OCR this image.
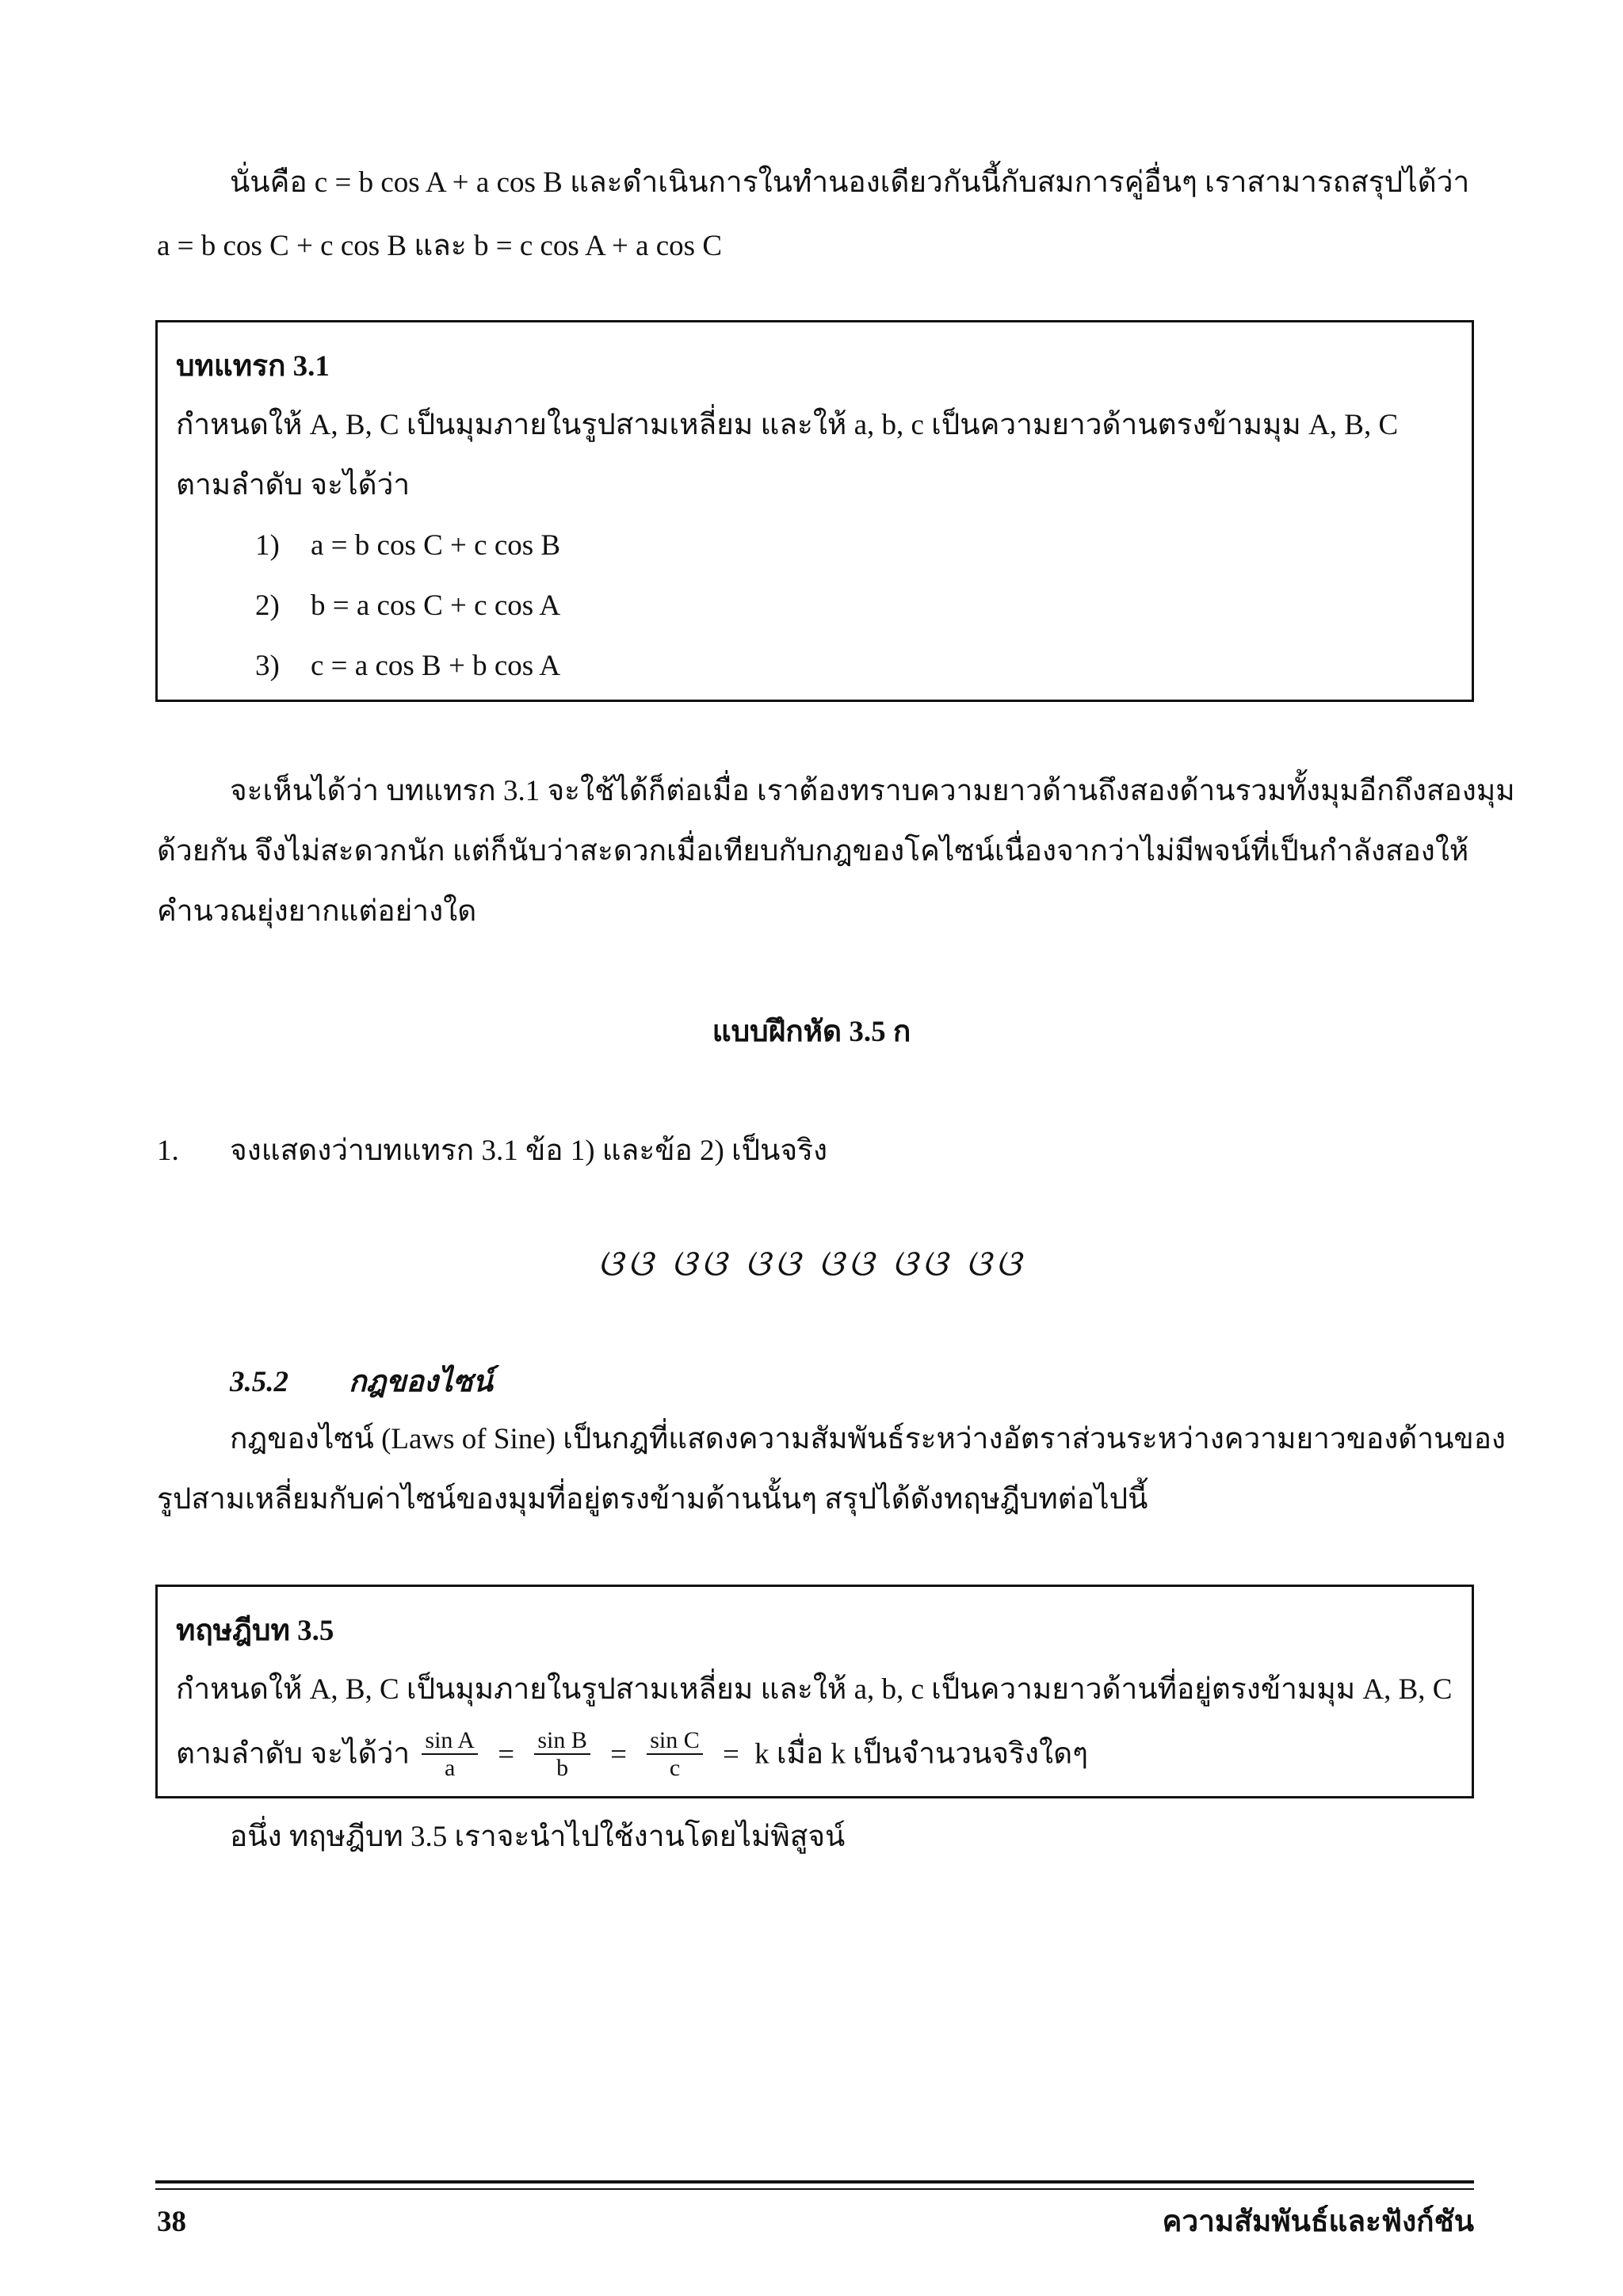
นั่นคือ c = b cos A + a cos B และดำเนินการในทำนองเดียวกันนี้กับสมการคู่อื่นๆ เราสามารถสรุปได้ว่า
a = b cos C + c cos B และ b = c cos A + a cos C
บทแทรก 3.1
กำหนดให้ A, B, C เป็นมุมภายในรูปสามเหลี่ยม และให้ a, b, c เป็นความยาวด้านตรงข้ามมุม A, B, C
ตามลำดับ จะได้ว่า
1) a = b cos C + c cos B
2) b = a cos C + c cos A
3) c = a cos B + b cos A
จะเห็นได้ว่า บทแทรก 3.1 จะใช้ได้ก็ต่อเมื่อ เราต้องทราบความยาวด้านถึงสองด้านรวมทั้งมุมอีกถึงสองมุม
ด้วยกัน จึงไม่สะดวกนัก แต่ก็นับว่าสะดวกเมื่อเทียบกับกฎของโคไซน์เนื่องจากว่าไม่มีพจน์ที่เป็นกำลังสองให้
คำนวณยุ่งยากแต่อย่างใด
แบบฝึกหัด 3.5 ก
1. จงแสดงว่าบทแทรก 3.1 ข้อ 1) และข้อ 2) เป็นจริง
ଓଓ ଓଓ ଓଓ ଓଓ ଓଓ ଓଓ
3.5.2 กฎของไซน์
กฎของไซน์ (Laws of Sine) เป็นกฎที่แสดงความสัมพันธ์ระหว่างอัตราส่วนระหว่างความยาวของด้านของ
รูปสามเหลี่ยมกับค่าไซน์ของมุมที่อยู่ตรงข้ามด้านนั้นๆ สรุปได้ดังทฤษฎีบทต่อไปนี้
ทฤษฎีบท 3.5
กำหนดให้ A, B, C เป็นมุมภายในรูปสามเหลี่ยม และให้ a, b, c เป็นความยาวด้านที่อยู่ตรงข้ามมุม A, B, C
ตามลำดับ จะได้ว่า $\frac{\text{sin A}}{a} = \frac{\text{sin B}}{b} = \frac{\text{sin C}}{c} = k$ เมื่อ k เป็นจำนวนจริงใดๆ
อนึ่ง ทฤษฎีบท 3.5 เราจะนำไปใช้งานโดยไม่พิสูจน์
38	ความสัมพันธ์และฟังก์ชัน
